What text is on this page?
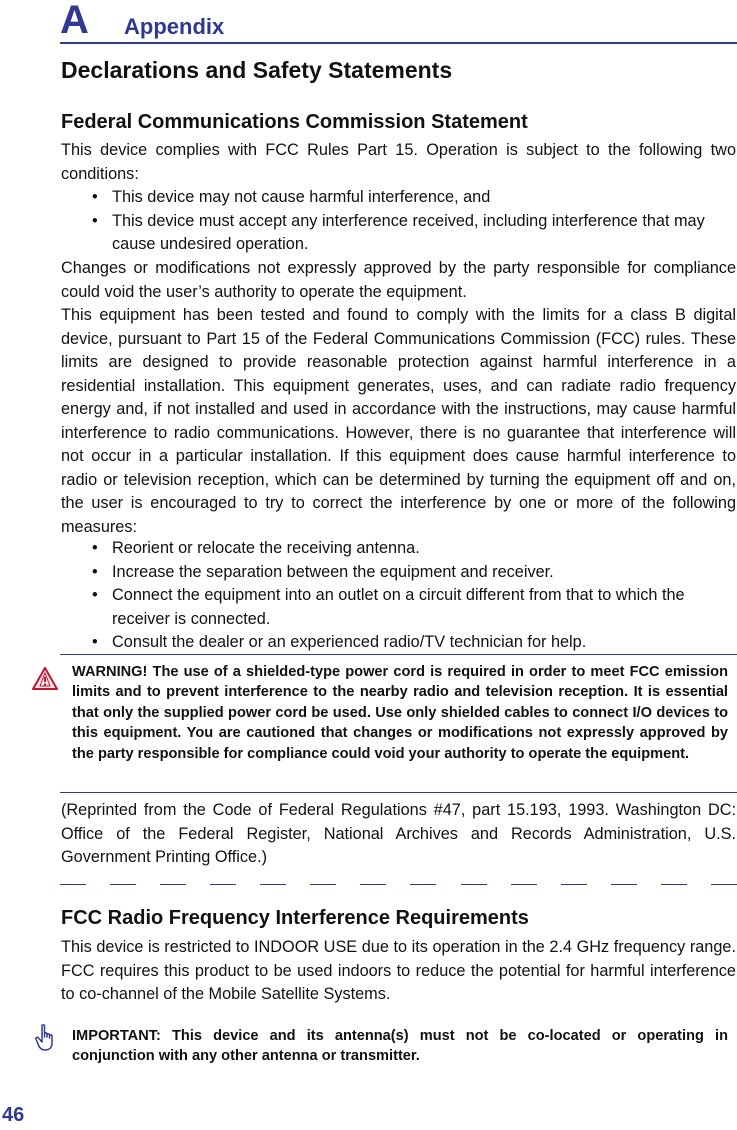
A Appendix
Declarations and Safety Statements
Federal Communications Commission Statement

This device complies with FCC Rules Part 15. Operation is subject to the following two conditions:

• This device may not cause harmful interference, and
• This device must accept any interference received, including interference that may cause undesired operation.

Changes or modifications not expressly approved by the party responsible for compliance could void the user’s authority to operate the equipment.

This equipment has been tested and found to comply with the limits for a class B digital device, pursuant to Part 15 of the Federal Communications Commission (FCC) rules. These limits are designed to provide reasonable protection against harmful interference in a residential installation. This equipment generates, uses, and can radiate radio frequency energy and, if not installed and used in accordance with the instructions, may cause harmful interference to radio communications. However, there is no guarantee that interference will not occur in a particular installation. If this equipment does cause harmful interference to radio or television reception, which can be determined by turning the equipment off and on, the user is encouraged to try to correct the interference by one or more of the following measures:

• Reorient or relocate the receiving antenna.
• Increase the separation between the equipment and receiver.
• Connect the equipment into an outlet on a circuit different from that to which the receiver is connected.
• Consult the dealer or an experienced radio/TV technician for help.

WARNING! The use of a shielded-type power cord is required in order to meet FCC emission limits and to prevent interference to the nearby radio and television reception. It is essential that only the supplied power cord be used. Use only shielded cables to connect I/O devices to this equipment. You are cautioned that changes or modifications not expressly approved by the party responsible for compliance could void your authority to operate the equipment.

(Reprinted from the Code of Federal Regulations #47, part 15.193, 1993. Washington DC: Office of the Federal Register, National Archives and Records Administration, U.S. Government Printing Office.)

FCC Radio Frequency Interference Requirements

This device is restricted to INDOOR USE due to its operation in the 2.4 GHz frequency range. FCC requires this product to be used indoors to reduce the potential for harmful interference to co-channel of the Mobile Satellite Systems.

IMPORTANT: This device and its antenna(s) must not be co-located or operating in conjunction with any other antenna or transmitter.

46
